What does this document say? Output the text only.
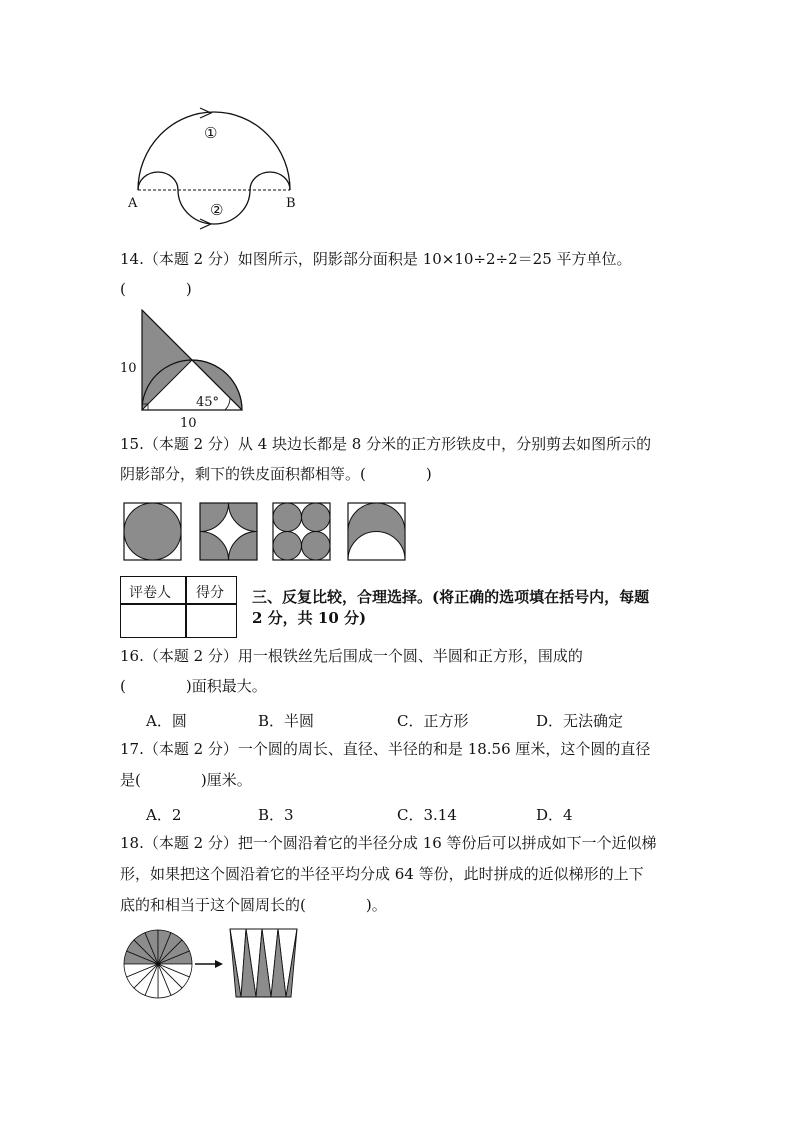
A	B
①
②
14.（本题 2 分）如图所示，阴影部分面积是 10×10÷2÷2＝25 平方单位。
(　　　　)
10
10
45°
15.（本题 2 分）从 4 块边长都是 8 分米的正方形铁皮中，分别剪去如图所示的
阴影部分，剩下的铁皮面积都相等。(　　　　)
评卷人 得分 三、反复比较，合理选择。(将正确的选项填在括号内，每题
2 分，共 10 分)
16.（本题 2 分）用一根铁丝先后围成一个圆、半圆和正方形，围成的
(　　　　)面积最大。
A．圆	B．半圆	C．正方形	D．无法确定
17.（本题 2 分）一个圆的周长、直径、半径的和是 18.56 厘米，这个圆的直径
是(　　　　)厘米。
A．2	B．3	C．3.14	D．4
18.（本题 2 分）把一个圆沿着它的半径分成 16 等份后可以拼成如下一个近似梯
形，如果把这个圆沿着它的半径平均分成 64 等份，此时拼成的近似梯形的上下
底的和相当于这个圆周长的(　　　　)。
